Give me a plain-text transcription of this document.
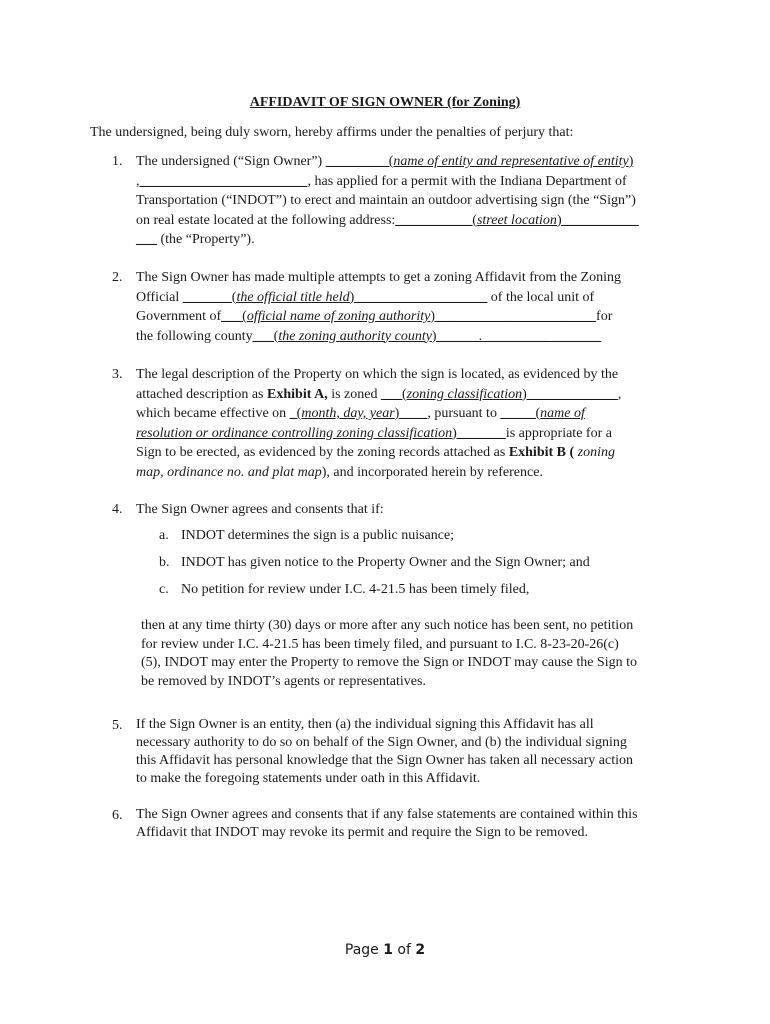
AFFIDAVIT OF SIGN OWNER (for Zoning)
The undersigned, being duly sworn, hereby affirms under the penalties of perjury that:
1. The undersigned (“Sign Owner”) _________(name of entity and representative of entity)
,________________________, has applied for a permit with the Indiana Department of
Transportation (“INDOT”) to erect and maintain an outdoor advertising sign (the “Sign”)
on real estate located at the following address:___________(street location)___________
___ (the “Property”).
2. The Sign Owner has made multiple attempts to get a zoning Affidavit from the Zoning
Official _______(the official title held)___________________ of the local unit of
Government of___(official name of zoning authority)_______________________for
the following county___(the zoning authority county)______. _________ _______
3. The legal description of the Property on which the sign is located, as evidenced by the
attached description as Exhibit A, is zoned ___(zoning classification)_____________,
which became effective on _(month, day, year)____, pursuant to _____(name of
resolution or ordinance controlling zoning classification)_______is appropriate for a
Sign to be erected, as evidenced by the zoning records attached as Exhibit B ( zoning
map, ordinance no. and plat map), and incorporated herein by reference.
4. The Sign Owner agrees and consents that if:
a. INDOT determines the sign is a public nuisance;
b. INDOT has given notice to the Property Owner and the Sign Owner; and
c. No petition for review under I.C. 4-21.5 has been timely filed,
then at any time thirty (30) days or more after any such notice has been sent, no petition
for review under I.C. 4-21.5 has been timely filed, and pursuant to I.C. 8-23-20-26(c)
(5), INDOT may enter the Property to remove the Sign or INDOT may cause the Sign to
be removed by INDOT’s agents or representatives.
5. If the Sign Owner is an entity, then (a) the individual signing this Affidavit has all
necessary authority to do so on behalf of the Sign Owner, and (b) the individual signing
this Affidavit has personal knowledge that the Sign Owner has taken all necessary action
to make the foregoing statements under oath in this Affidavit.
6. The Sign Owner agrees and consents that if any false statements are contained within this
Affidavit that INDOT may revoke its permit and require the Sign to be removed.
Page 1 of 2
